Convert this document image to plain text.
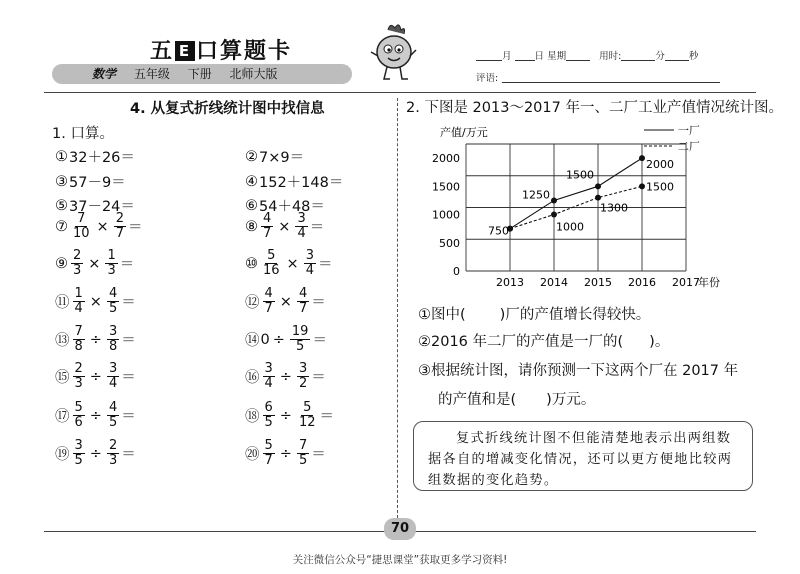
五 E 口算题卡
数学 五年级 下册 北师大版
月 日 星期	用时:	分	秒
评语:
4. 从复式折线统计图中找信息
1. 口算。
① 32＋26＝	② 7×9＝
③ 57－9＝	④ 152＋148＝
⑤ 37－24＝	⑥ 54＋48＝
⑦ $\frac{7}{10} \times \frac{2}{7}$ ＝	⑧ $\frac{4}{7} \times \frac{3}{4}$ ＝
⑨ $\frac{2}{3} \times \frac{1}{3}$ ＝	⑩ $\frac{5}{16} \times \frac{3}{4}$ ＝
⑪ $\frac{1}{4} \times \frac{4}{5}$ ＝	⑫ $\frac{4}{7} \times \frac{4}{7}$ ＝
⑬ $\frac{7}{8} \div \frac{3}{8}$ ＝	⑭ $0 \div \frac{19}{5}$ ＝
⑮ $\frac{2}{3} \div \frac{3}{4}$ ＝	⑯ $\frac{3}{4} \div \frac{3}{2}$ ＝
⑰ $\frac{5}{6} \div \frac{4}{5}$ ＝	⑱ $\frac{6}{5} \div \frac{5}{12}$ ＝
⑲ $\frac{3}{5} \div \frac{2}{3}$ ＝	⑳ $\frac{5}{7} \div \frac{7}{5}$ ＝
2. 下图是 2013～2017 年一、二厂工业产值情况统计图。
0
500
1000
1500
2000
2013 2014 2015 2016 2017
产值/万元
年份
一厂
二厂
750
1250
1500
2000
1000
1300
1500
①图中( )厂的产值增长得较快。
②2016 年二厂的产值是一厂的( )。
③根据统计图，请你预测一下这两个厂在 2017 年
的产值和是( )万元。
复式折线统计图不但能清楚地表示出两组数据各自的增减变化情况，还可以更方便地比较两组数据的变化趋势。
70
关注微信公众号“捷思课堂”获取更多学习资料!
